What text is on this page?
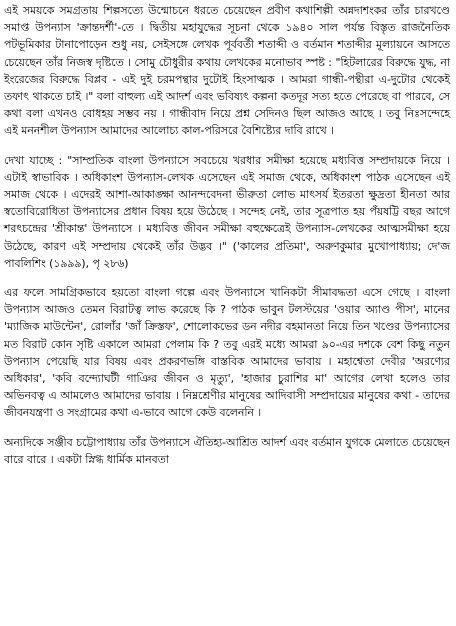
এই সময়কে সমগ্রতায় শিল্পসত্যে উন্মোচনে ধরতে চেয়েছেন প্রবীণ কথাশিল্পী অন্নদাশংকর তাঁর চারখণ্ডে সমাপ্ত উপন্যাস 'ক্রান্তদর্শী'-তে । দ্বিতীয় মহাযুদ্ধের সূচনা থেকে ১৯৪০ সাল পর্যন্ত বিস্তৃত রাজনৈতিক পটভূমিকার টানাপোড়েন শুধু নয়, সেইসঙ্গে লেখক পূর্ববর্তী শতাব্দী ও বর্তমান শতাব্দীর মূল্যায়নে আসতে চেয়েছেন তাঁর নিজস্ব দৃষ্টিতে । সোমু চৌধুরীর কথায় লেখকের মনোভাব স্পষ্ট : "হিটলারের বিরুদ্ধে যুদ্ধ, না ইংরেজের বিরুদ্ধে বিপ্লব - এই দুই চরমপন্থার দুটোই হিংসাত্মক । আমরা গান্ধী-পন্থীরা এ-দুটোর থেকেই তফাৎ থাকতে চাই ।" বলা বাহুল্য এই আদর্শ এবং ভবিষ্যৎ কল্পনা কতদূর সত্য হতে পেরেছে বা পারবে, সে কথা বলা এখনও বোধহয় সম্ভব নয় । গান্ধীবাদ নিয়ে প্রশ্ন সেদিনও ছিল আজও আছে । তবু নিঃসন্দেহে এই মননশীল উপন্যাস আমাদের আলোচ্য কাল-পরিসরে বৈশিষ্ট্যের দাবি রাখে ।

দেখা যাচ্ছে : "সাম্প্রতিক বাংলা উপন্যাসে সবচেয়ে খরধার সমীক্ষা হয়েছে মধ্যবিত্ত সম্প্রদায়কে নিয়ে । এটাই স্বাভাবিক । অধিকাংশ উপন্যাস-লেখক এসেছেন এই সমাজ থেকে, অধিকাংশ পাঠক এসেছেন এই সমাজ থেকে । এদেরই আশা-আকাঙ্ক্ষা আনন্দবেদনা ভীরুতা লোভ মাৎসর্য ইতরতা ক্ষুদ্রতা হীনতা আর স্বতোবিরোধিতা উপন্যাসের প্রধান বিষয় হয়ে উঠেছে । সন্দেহ নেই, তার সূত্রপাত হয় পঁয়ষট্টি বছর আগে শরৎচন্দ্রের 'শ্রীকান্ত' উপন্যাসে । মধ্যবিত্ত জীবন সমীক্ষা বহুক্ষেত্রেই উপন্যাস-লেখকের আত্মসমীক্ষা হয়ে উঠেছে, কারণ এই সম্প্রদায় থেকেই তাঁর উদ্ভব ।" ('কালের প্রতিমা', অরুণকুমার মুখোপাধ্যায়; দে'জ পাবলিশিং (১৯৯৯), পৃ ২৮৬)

এর ফলে সামগ্রিকভাবে হয়তো বাংলা গল্পে এবং উপন্যাসে খানিকটা সীমাবদ্ধতা এসে গেছে । বাংলা উপন্যাস আজও তেমন বিরাটত্ব লাভ করেছে কি ? পাঠক ভাবুন টলস্টয়ের 'ওয়ার অ্যাণ্ড পীস', মানের 'ম্যাজিক মাউন্টেন', রোলাঁর 'জাঁ ক্রিস্তফ', শোলোকভের ডন নদীর বহমানতা নিয়ে তিন খণ্ডের উপন্যাসের মত বিরাট কোন সৃষ্টি একালে আমরা পেলাম কি ? তবু এরই মধ্যে আমরা ৯০-এর দশকে বেশ কিছু নতুন উপন্যাস পেয়েছি যার বিষয় এবং প্রকরণভঙ্গি বাস্তবিক আমাদের ভাবায় । মহাশ্বেতা দেবীর 'অরণ্যের অধিকার', 'কবি বন্দ্যোঘটী গাঞির জীবন ও মৃত্যু', 'হাজার চুরাশির মা' আগের লেখা হলেও তার অভিনবত্ব এ আমলেও আমাদের ভাবায় । নিম্নশ্রেণীর মানুষের আদিবাসী সম্প্রদায়ের মানুষের কথা - তাদের জীবনযন্ত্রণা ও সংগ্রামের কথা এ-ভাবে আগে কেউ বলেননি ।

অন্যদিকে সঞ্জীব চট্টোপাধ্যায় তাঁর উপন্যাসে ঐতিহ্য-আশ্রিত আদর্শ এবং বর্তমান যুগকে মেলাতে চেয়েছেন বারে বারে । একটা স্নিগ্ধ ধার্মিক মানবতা
